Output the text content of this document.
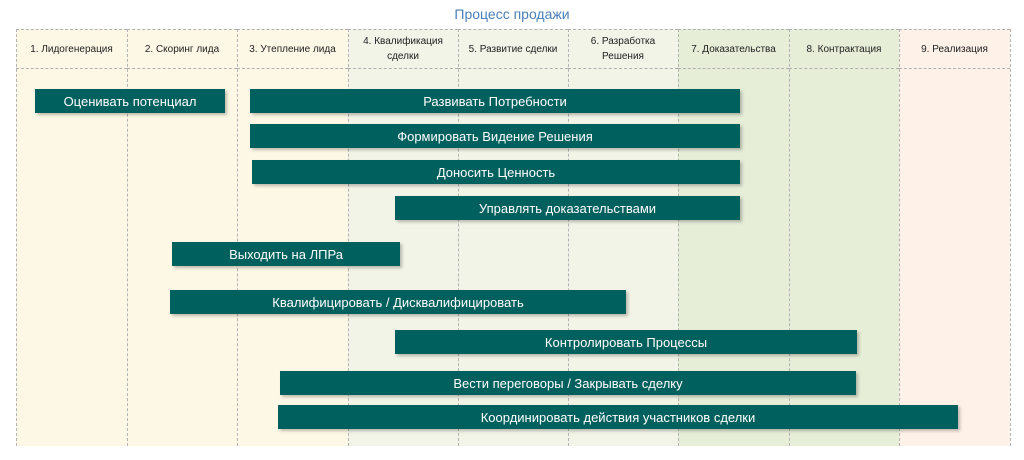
1. Лидогенерация	2. Скоринг лида	3. Утепление лида
4. Квалификация сделки
5. Развитие сделки
6. Разработка Решения
7. Доказательства	8. Контрактация	9. Реализация
Оценивать потенциал	Развивать Потребности
Формировать Видение Решения
Доносить Ценность
Управлять доказательствами
Выходить на ЛПРа
Квалифицировать / Дисквалифицировать
Контролировать Процессы
Вести переговоры / Закрывать сделку
Координировать действия участников сделки
Процесс продажи
